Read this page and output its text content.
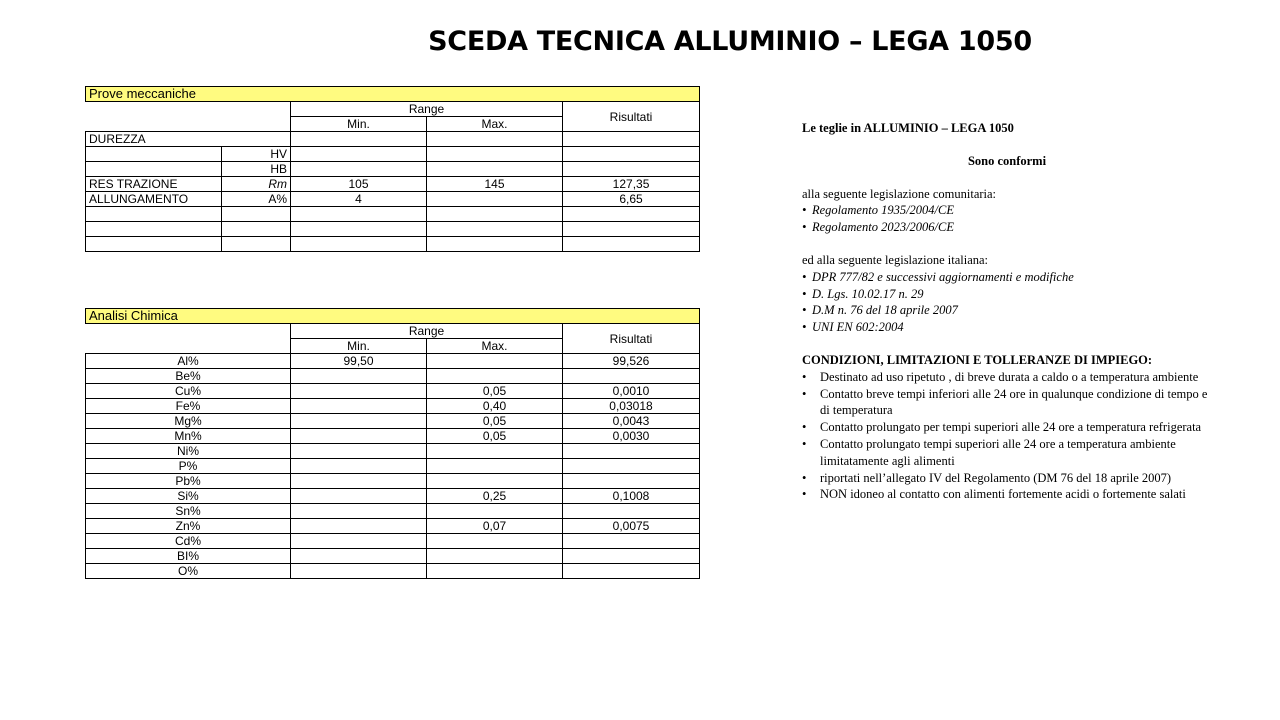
SCEDA TECNICA ALLUMINIO – LEGA 1050
Prove meccaniche				
		Range		Risultati
		Min.	Max.	
DUREZZA				
	HV			
	HB			
RES TRAZIONE	Rm	105	145	127,35
ALLUNGAMENTO	A%	4		6,65

Analisi Chimica			
	Range		Risultati
	Min.	Max.	
Al%	99,50		99,526
Be%			
Cu%		0,05	0,0010
Fe%		0,40	0,03018
Mg%		0,05	0,0043
Mn%		0,05	0,0030
Ni%			
P%			
Pb%			
Si%		0,25	0,1008
Sn%			
Zn%		0,07	0,0075
Cd%			
BI%			
O%			

Le teglie in ALLUMINIO – LEGA 1050

Sono conformi

alla seguente legislazione comunitaria:

• Regolamento 1935/2004/CE
• Regolamento 2023/2006/CE

ed alla seguente legislazione italiana:

• DPR 777/82 e successivi aggiornamenti e modifiche
• D. Lgs. 10.02.17 n. 29
• D.M n. 76 del 18 aprile 2007
• UNI EN 602:2004

CONDIZIONI, LIMITAZIONI E TOLLERANZE DI IMPIEGO:

• Destinato ad uso ripetuto , di breve durata a caldo o a temperatura ambiente
• Contatto breve tempi inferiori alle 24 ore in qualunque condizione di tempo e di temperatura
• Contatto prolungato per tempi superiori alle 24 ore a temperatura refrigerata
• Contatto prolungato tempi superiori alle 24 ore a temperatura ambiente limitatamente agli alimenti
• riportati nell’allegato IV del Regolamento (DM 76 del 18 aprile 2007)
• NON idoneo al contatto con alimenti fortemente acidi o fortemente salati
